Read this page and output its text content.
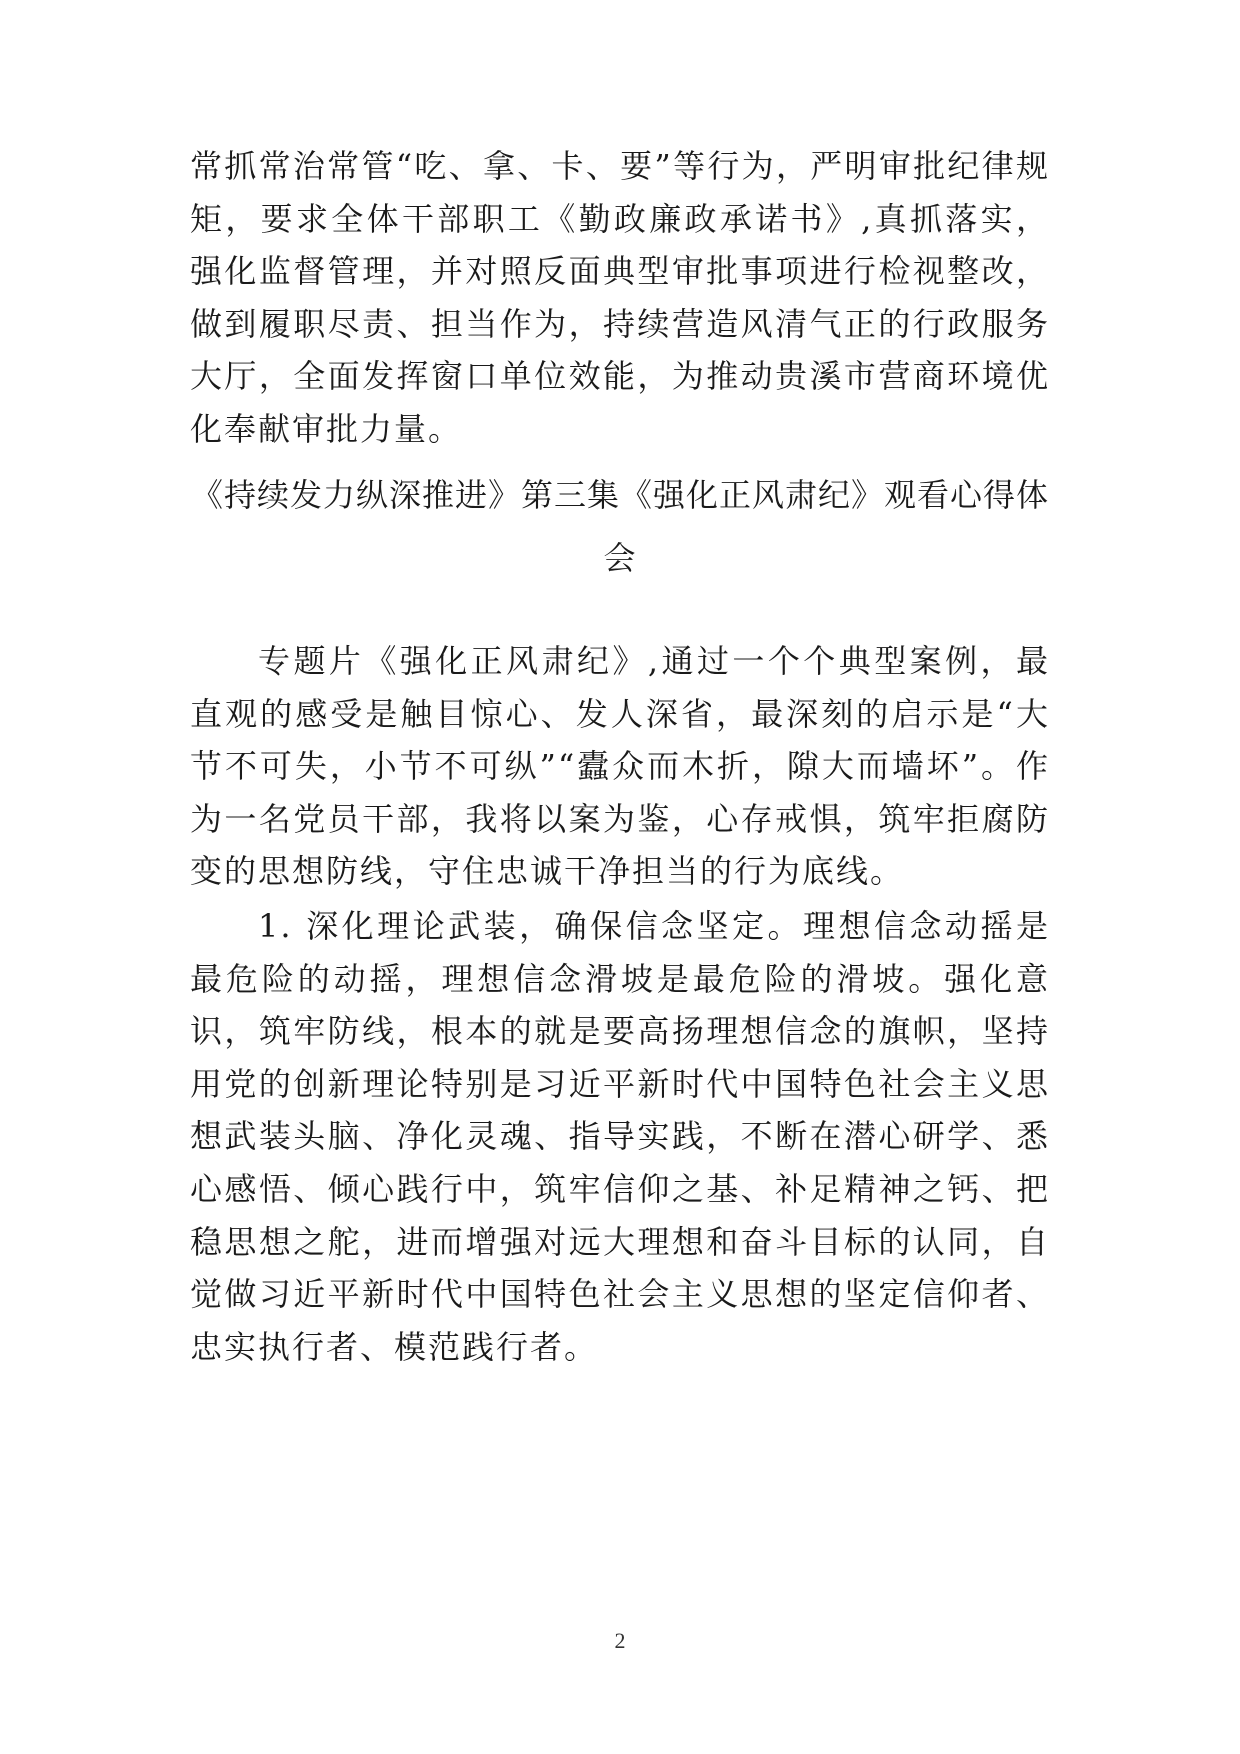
常抓常治常管“吃、拿、卡、要”等行为，严明审批纪律规矩，要求全体干部职工《勤政廉政承诺书》,真抓落实，强化监督管理，并对照反面典型审批事项进行检视整改，做到履职尽责、担当作为，持续营造风清气正的行政服务大厅，全面发挥窗口单位效能，为推动贵溪市营商环境优化奉献审批力量。

《持续发力纵深推进》第三集《强化正风肃纪》观看心得体会

专题片《强化正风肃纪》,通过一个个典型案例，最直观的感受是触目惊心、发人深省，最深刻的启示是“大节不可失，小节不可纵”“蠹众而木折，隙大而墙坏”。作为一名党员干部，我将以案为鉴，心存戒惧，筑牢拒腐防变的思想防线，守住忠诚干净担当的行为底线。

1. 深化理论武装，确保信念坚定。理想信念动摇是最危险的动摇，理想信念滑坡是最危险的滑坡。强化意识，筑牢防线，根本的就是要高扬理想信念的旗帜，坚持用党的创新理论特别是习近平新时代中国特色社会主义思想武装头脑、净化灵魂、指导实践，不断在潜心研学、悉心感悟、倾心践行中，筑牢信仰之基、补足精神之钙、把稳思想之舵，进而增强对远大理想和奋斗目标的认同，自觉做习近平新时代中国特色社会主义思想的坚定信仰者、忠实执行者、模范践行者。

2
